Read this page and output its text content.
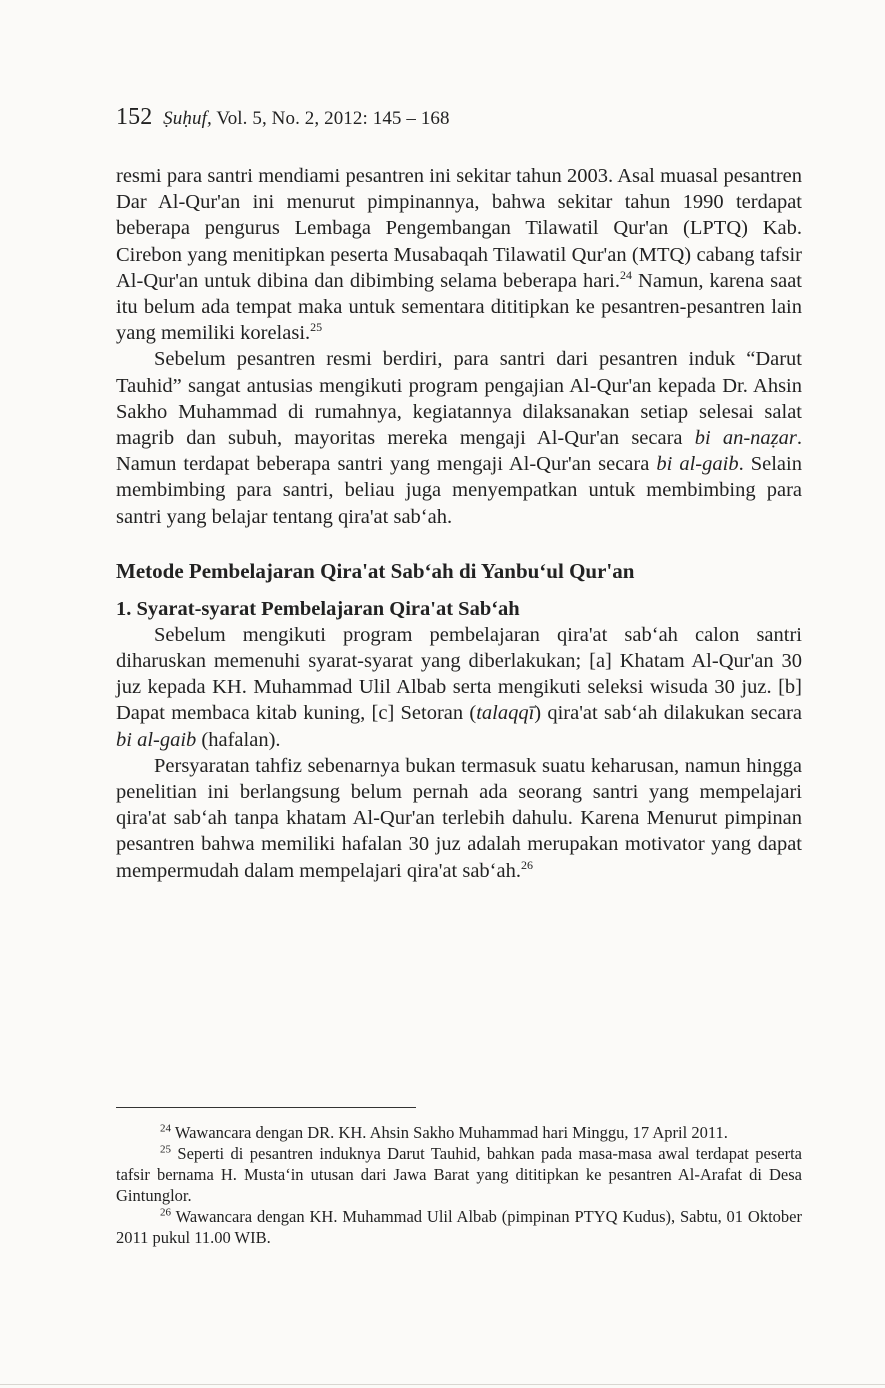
152 Ṣuḥuf, Vol. 5, No. 2, 2012: 145 – 168

resmi para santri mendiami pesantren ini sekitar tahun 2003. Asal muasal pesantren Dar Al-Qur'an ini menurut pimpinannya, bahwa sekitar tahun 1990 terdapat beberapa pengurus Lembaga Pengembangan Tilawatil Qur'an (LPTQ) Kab. Cirebon yang menitipkan peserta Musabaqah Tilawatil Qur'an (MTQ) cabang tafsir Al-Qur'an untuk dibina dan dibimbing selama beberapa hari.$^{24}$ Namun, karena saat itu belum ada tempat maka untuk sementara dititipkan ke pesantren-pesantren lain yang memiliki korelasi.$^{25}$

Sebelum pesantren resmi berdiri, para santri dari pesantren induk “Darut Tauhid” sangat antusias mengikuti program pengajian Al-Qur'an kepada Dr. Ahsin Sakho Muhammad di rumahnya, kegiatannya dilaksanakan setiap selesai salat magrib dan subuh, mayoritas mereka mengaji Al-Qur'an secara bi an-naẓar. Namun terdapat beberapa santri yang mengaji Al-Qur'an secara bi al-gaib. Selain membimbing para santri, beliau juga menyempatkan untuk membimbing para santri yang belajar tentang qira'at sab‘ah.

Metode Pembelajaran Qira'at Sab‘ah di Yanbu‘ul Qur'an
1. Syarat-syarat Pembelajaran Qira'at Sab‘ah

Sebelum mengikuti program pembelajaran qira'at sab‘ah calon santri diharuskan memenuhi syarat-syarat yang diberlakukan; [a] Khatam Al-Qur'an 30 juz kepada KH. Muhammad Ulil Albab serta mengikuti seleksi wisuda 30 juz. [b] Dapat membaca kitab kuning, [c] Setoran (talaqqī) qira'at sab‘ah dilakukan secara bi al-gaib (hafalan).

Persyaratan tahfiz sebenarnya bukan termasuk suatu keharusan, namun hingga penelitian ini berlangsung belum pernah ada seorang santri yang mempelajari qira'at sab‘ah tanpa khatam Al-Qur'an terlebih dahulu. Karena Menurut pimpinan pesantren bahwa memiliki hafalan 30 juz adalah merupakan motivator yang dapat mempermudah dalam mempelajari qira'at sab‘ah.$^{26}$

$^{24}$ Wawancara dengan DR. KH. Ahsin Sakho Muhammad hari Minggu, 17 April 2011.

$^{25}$ Seperti di pesantren induknya Darut Tauhid, bahkan pada masa-masa awal terdapat peserta tafsir bernama H. Musta‘in utusan dari Jawa Barat yang dititipkan ke pesantren Al-Arafat di Desa Gintunglor.

$^{26}$ Wawancara dengan KH. Muhammad Ulil Albab (pimpinan PTYQ Kudus), Sabtu, 01 Oktober 2011 pukul 11.00 WIB.
